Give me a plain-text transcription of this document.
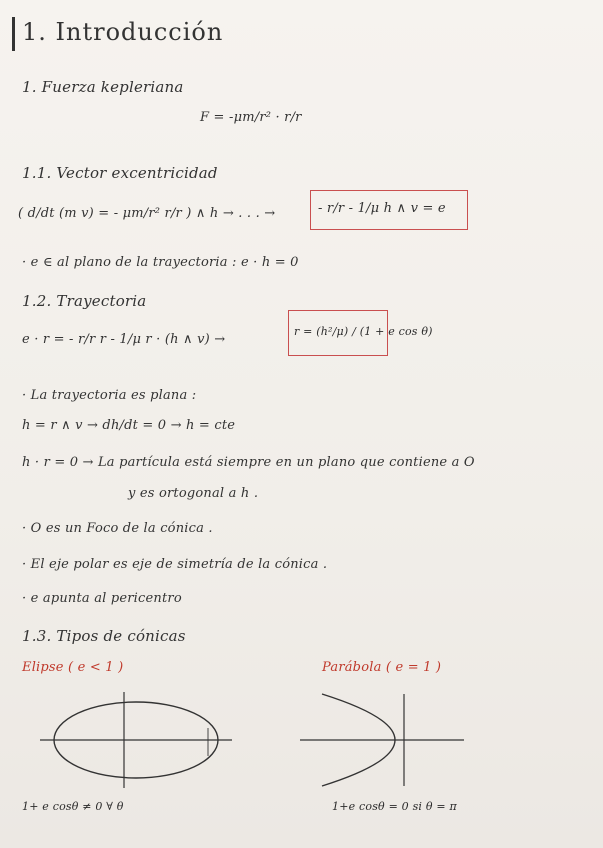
1. Introducción
1. Fuerza kepleriana
F = -μm/r² · r/r
1.1. Vector excentricidad
( d/dt (m v) = - μm/r² r/r ) ∧ h → . . . →	- r/r - 1/μ h ∧ v = e
· e ∈ al plano de la trayectoria : e · h = 0
1.2. Trayectoria
e · r = - r/r r - 1/μ r · (h ∧ v) →
r = (h²/μ) / (1 + e cos θ)
· La trayectoria es plana :
h = r ∧ v → dh/dt = 0 → h = cte
h · r = 0 → La partícula está siempre en un plano que contiene a O
y es ortogonal a h .
· O es un Foco de la cónica .
· El eje polar es eje de simetría de la cónica .
· e apunta al pericentro
1.3. Tipos de cónicas
Elipse ( e < 1 )	Parábola ( e = 1 )
1+ e cosθ ≠ 0 ∀ θ	1+e cosθ = 0 si θ = π
